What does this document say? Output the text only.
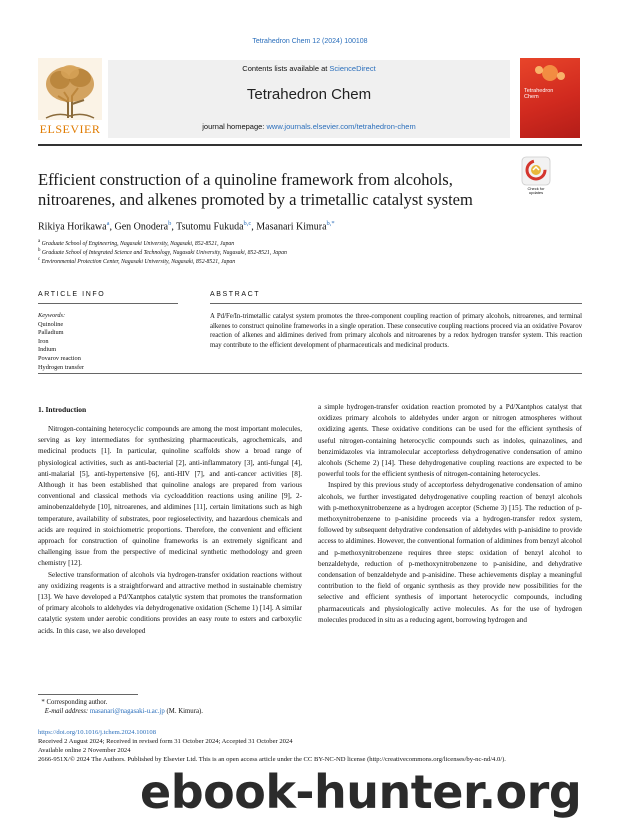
Tetrahedron Chem 12 (2024) 100108
ELSEVIER
Contents lists available at ScienceDirect
Tetrahedron Chem
journal homepage: www.journals.elsevier.com/tetrahedron-chem
Tetrahedron
Chem
Efficient construction of a quinoline framework from alcohols, nitroarenes, and alkenes promoted by a trimetallic catalyst system
Check for
updates
Rikiya Horikawa$^a$, Gen Onodera$^b$, Tsutomu Fukuda$^{b,c}$, Masanari Kimura$^{b,*}$
$^a$ Graduate School of Engineering, Nagasaki University, Nagasaki, 852-8521, Japan
$^b$ Graduate School of Integrated Science and Technology, Nagasaki University, Nagasaki, 852-8521, Japan
$^c$ Environmental Protection Center, Nagasaki University, Nagasaki, 852-8521, Japan
ARTICLE INFO	ABSTRACT
Keywords:
Quinoline
Palladium
Iron
Indium
Povarov reaction
Hydrogen transfer
A Pd/Fe/In-trimetallic catalyst system promotes the three-component coupling reaction of primary alcohols, nitroarenes, and terminal alkenes to construct quinoline frameworks in a single operation. These consecutive coupling reactions proceed via an oxidative Povarov reaction of alkenes and aldimines derived from primary alcohols and nitroarenes by a redox hydrogen transfer system. This reaction may contribute to the efficient development of pharmaceuticals and medicinal products.
1. Introduction

Nitrogen-containing heterocyclic compounds are among the most important molecules, serving as key intermediates for synthesizing pharmaceuticals, agrochemicals, and medicinal products [1]. In particular, quinoline scaffolds show a broad range of physiological activities, such as anti-bacterial [2], anti-inflammatory [3], anti-fungal [4], anti-malarial [5], anti-hypertensive [6], anti-HIV [7], and anti-cancer activities [8]. Although it has been established that quinoline analogs are prepared from various conventional and classical methods via cycloaddition reactions using aniline [9], 2-aminobenzaldehyde [10], nitroarenes, and aldimines [11], certain limitations such as high temperature, availability of substrates, poor regioselectivity, and hazardous chemicals and acids are required in stoichiometric proportions. Therefore, the convenient and efficient approach for construction of quinoline frameworks is an extremely significant and challenging issue from the perspective of medicinal synthetic methodology and green chemistry [12].

Selective transformation of alcohols via hydrogen-transfer oxidation reactions without any oxidizing reagents is a straightforward and attractive method in sustainable chemistry [13]. We have developed a Pd/Xantphos catalytic system that promotes the transformation of primary alcohols to aldehydes via dehydrogenative oxidation (Scheme 1) [14]. A similar catalytic system under aerobic conditions provides an easy route to esters and carboxylic acids. In this case, we also developed

a simple hydrogen-transfer oxidation reaction promoted by a Pd/Xantphos catalyst that oxidizes primary alcohols to aldehydes under argon or nitrogen atmospheres without oxidizing agents. These oxidative conditions can be used for the efficient synthesis of useful nitrogen-containing heterocyclic compounds such as indoles, quinazolines, and benzimidazoles via intramolecular acceptorless dehydrogenative condensation of amino alcohols (Scheme 2) [14]. These dehydrogenative coupling reactions are expected to be powerful tools for the efficient synthesis of nitrogen-containing heterocycles.

Inspired by this previous study of acceptorless dehydrogenative condensation of amino alcohols, we further investigated dehydrogenative coupling reaction of benzyl alcohols with p-methoxynitrobenzene as a hydrogen acceptor (Scheme 3) [15]. The reduction of p-methoxynitrobenzene to p-anisidine proceeds via a hydrogen-transfer redox system, followed by subsequent dehydrative condensation of aldehydes with p-anisidine to provide access to aldimines. However, the conventional formation of aldimines from benzyl alcohol and p-methoxynitrobenzene requires three steps: oxidation of benzyl alcohol to benzaldehyde, reduction of p-methoxynitrobenzene to p-anisidine, and dehydrative condensation of benzaldehyde and p-anisidine. These achievements display a meaningful contribution to the field of organic synthesis as they provide new possibilities for the selective and efficient synthesis of important heterocyclic compounds, including pharmaceuticals and physiologically active molecules. As for the use of hydrogen molecules produced in situ as a reducing agent, borrowing hydrogen and

* Corresponding author.
E-mail address: masanari@nagasaki-u.ac.jp (M. Kimura).
https://doi.org/10.1016/j.tchem.2024.100108
Received 2 August 2024; Received in revised form 31 October 2024; Accepted 31 October 2024
Available online 2 November 2024
2666-951X/© 2024 The Authors. Published by Elsevier Ltd. This is an open access article under the CC BY-NC-ND license (http://creativecommons.org/licenses/by-nc-nd/4.0/).
ebook-hunter.org
